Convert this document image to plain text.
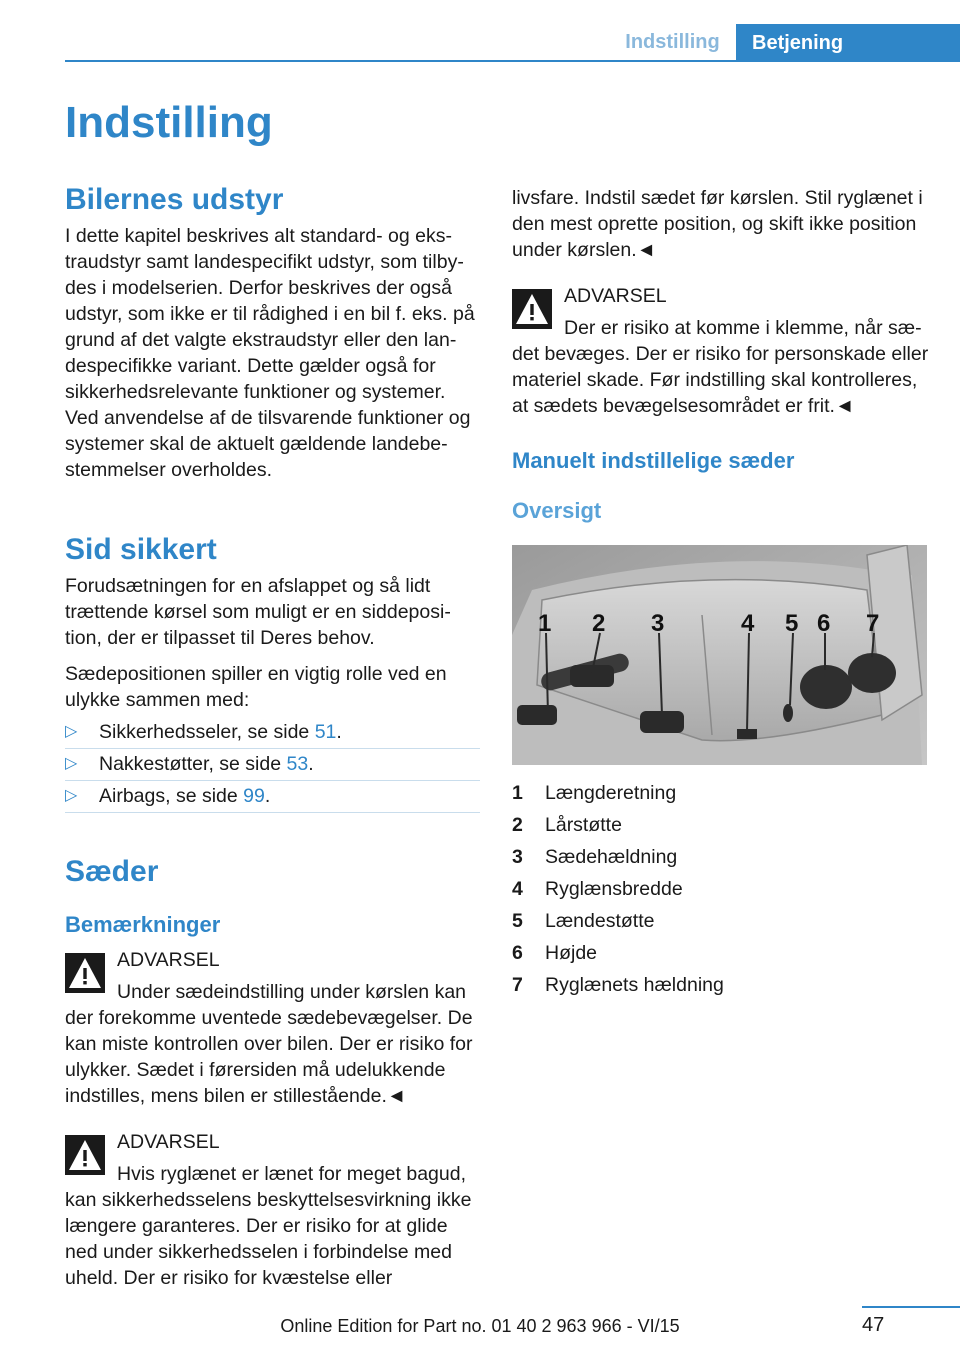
Indstilling	Betjening
Indstilling
Bilernes udstyr

I dette kapitel beskrives alt standard- og ekstraudstyr samt landespecifikt udstyr, som tilbydes i modelserien. Derfor beskrives der også udstyr, som ikke er til rådighed i en bil f. eks. på grund af det valgte ekstraudstyr eller den landespecifikke variant. Dette gælder også for sikkerhedsrelevante funktioner og systemer. Ved anvendelse af de tilsvarende funktioner og systemer skal de aktuelt gældende landebestemmelser overholdes.

Sid sikkert

Forudsætningen for en afslappet og så lidt trættende kørsel som muligt er en siddeposition, der er tilpasset til Deres behov.

Sædepositionen spiller en vigtig rolle ved en ulykke sammen med:

▷ Sikkerhedsseler, se side 51.
▷ Nakkestøtter, se side 53.
▷ Airbags, se side 99.
Sæder
Bemærkninger
ADVARSEL
Under sædeindstilling under kørslen kan der forekomme uventede sædebevægelser. De kan miste kontrollen over bilen. Der er risiko for ulykker. Sædet i førersiden må udelukkende indstilles, mens bilen er stillestående.◄
ADVARSEL
Hvis ryglænet er lænet for meget bagud, kan sikkerhedsselens beskyttelsesvirkning ikke længere garanteres. Der er risiko for at glide ned under sikkerhedsselen i forbindelse med uheld. Der er risiko for kvæstelse eller

livsfare. Indstil sædet før kørslen. Stil ryglænet i den mest oprette position, og skift ikke position under kørslen.◄

ADVARSEL
Der er risiko at komme i klemme, når sædet bevæges. Der er risiko for personskade eller materiel skade. Før indstilling skal kontrolleres, at sædets bevægelsesområdet er frit.◄
Manuelt indstillelige sæder
Oversigt
1 2 3	4 5 6 7
1	Længderetning
2	Lårstøtte
3	Sædehældning
4	Ryglænsbredde
5	Lændestøtte
6	Højde
7	Ryglænets hældning
47
Online Edition for Part no. 01 40 2 963 966 - VI/15
